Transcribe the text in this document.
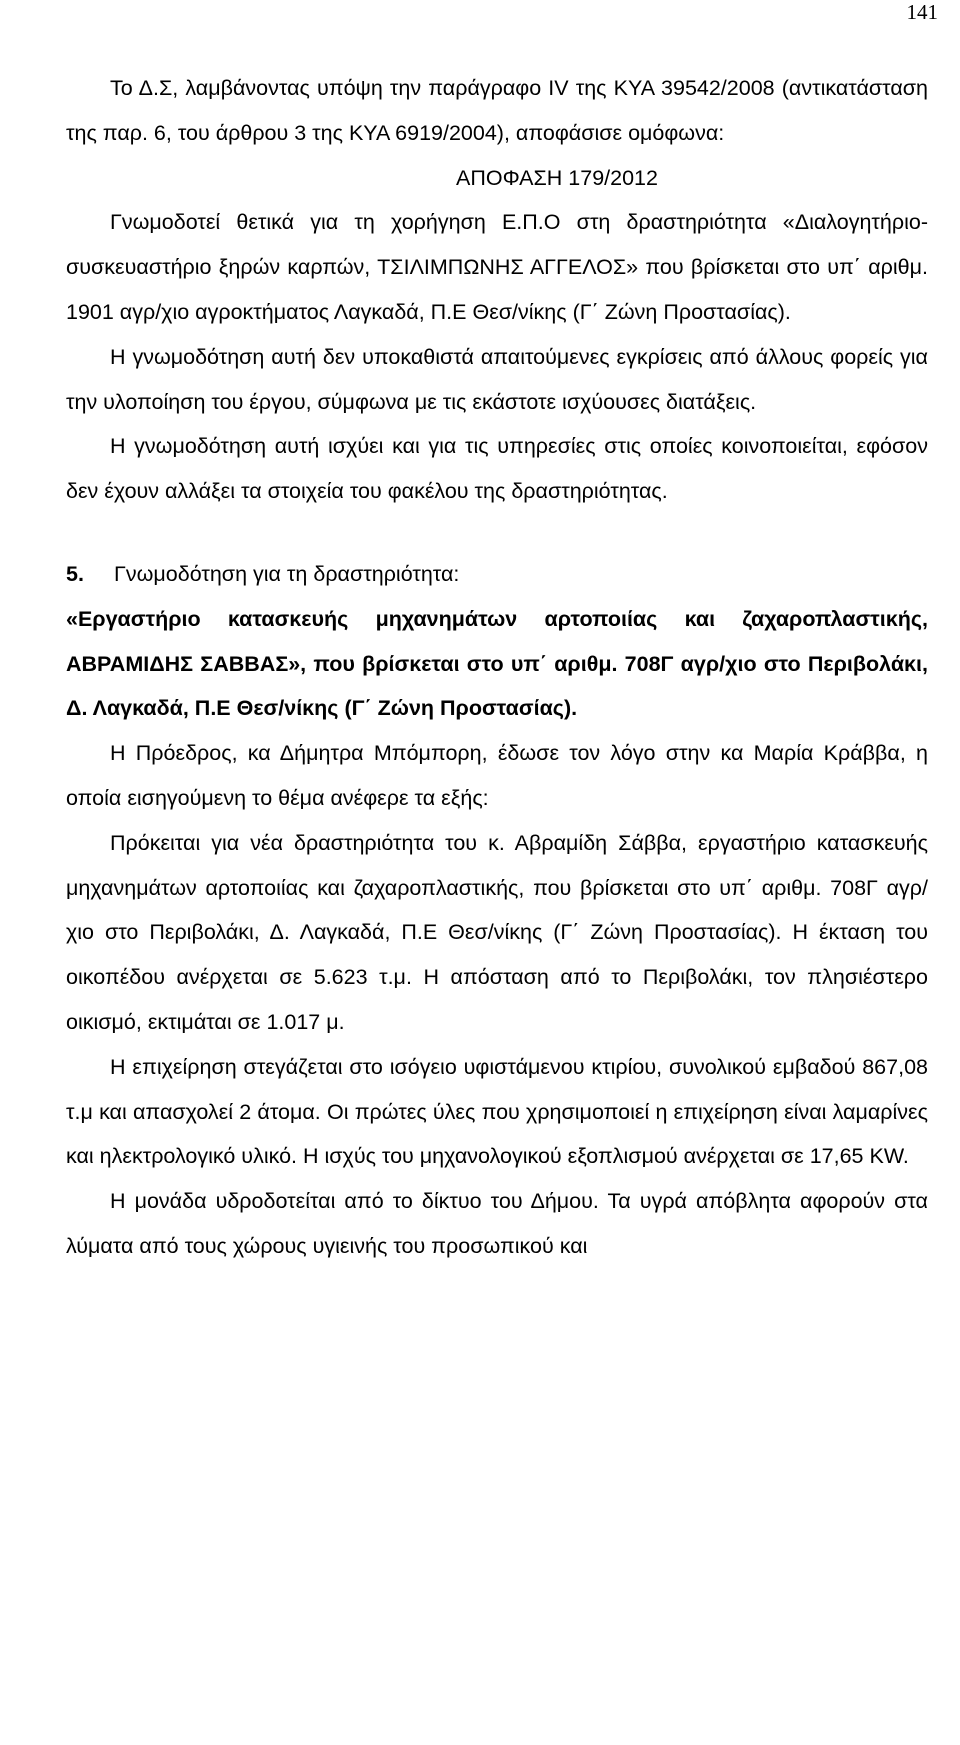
141

Το Δ.Σ, λαμβάνοντας υπόψη την παράγραφο IV της ΚΥΑ 39542/2008 (αντικατάσταση της παρ. 6, του άρθρου 3 της ΚΥΑ 6919/2004), αποφάσισε ομόφωνα:

ΑΠΟΦΑΣΗ 179/2012

Γνωμοδοτεί θετικά για τη χορήγηση Ε.Π.Ο στη δραστηριότητα «Διαλογητήριο-συσκευαστήριο ξηρών καρπών, ΤΣΙΛΙΜΠΩΝΗΣ ΑΓΓΕΛΟΣ» που βρίσκεται στο υπ΄ αριθμ. 1901 αγρ/χιο αγροκτήματος Λαγκαδά, Π.Ε Θεσ/νίκης (Γ΄ Ζώνη Προστασίας).

Η γνωμοδότηση αυτή δεν υποκαθιστά απαιτούμενες εγκρίσεις από άλλους φορείς για την υλοποίηση του έργου, σύμφωνα με τις εκάστοτε ισχύουσες διατάξεις.

Η γνωμοδότηση αυτή ισχύει και για τις υπηρεσίες στις οποίες κοινοποιείται, εφόσον δεν έχουν αλλάξει τα στοιχεία του φακέλου της δραστηριότητας.

5. Γνωμοδότηση για τη δραστηριότητα:

«Εργαστήριο κατασκευής μηχανημάτων αρτοποιίας και ζαχαροπλαστικής, ΑΒΡΑΜΙΔΗΣ ΣΑΒΒΑΣ», που βρίσκεται στο υπ΄ αριθμ. 708Γ αγρ/χιο στο Περιβολάκι, Δ. Λαγκαδά, Π.Ε Θεσ/νίκης (Γ΄ Ζώνη Προστασίας).

Η Πρόεδρος, κα Δήμητρα Μπόμπορη, έδωσε τον λόγο στην κα Μαρία Κράββα, η οποία εισηγούμενη το θέμα ανέφερε τα εξής:

Πρόκειται για νέα δραστηριότητα του κ. Αβραμίδη Σάββα, εργαστήριο κατασκευής μηχανημάτων αρτοποιίας και ζαχαροπλαστικής, που βρίσκεται στο υπ΄ αριθμ. 708Γ αγρ/χιο στο Περιβολάκι, Δ. Λαγκαδά, Π.Ε Θεσ/νίκης (Γ΄ Ζώνη Προστασίας). Η έκταση του οικοπέδου ανέρχεται σε 5.623 τ.μ. Η απόσταση από το Περιβολάκι, τον πλησιέστερο οικισμό, εκτιμάται σε 1.017 μ.

Η επιχείρηση στεγάζεται στο ισόγειο υφιστάμενου κτιρίου, συνολικού εμβαδού 867,08 τ.μ και απασχολεί 2 άτομα. Οι πρώτες ύλες που χρησιμοποιεί η επιχείρηση είναι λαμαρίνες και ηλεκτρολογικό υλικό. Η ισχύς του μηχανολογικού εξοπλισμού ανέρχεται σε 17,65 KW.

Η μονάδα υδροδοτείται από το δίκτυο του Δήμου. Τα υγρά απόβλητα αφορούν στα λύματα από τους χώρους υγιεινής του προσωπικού και
